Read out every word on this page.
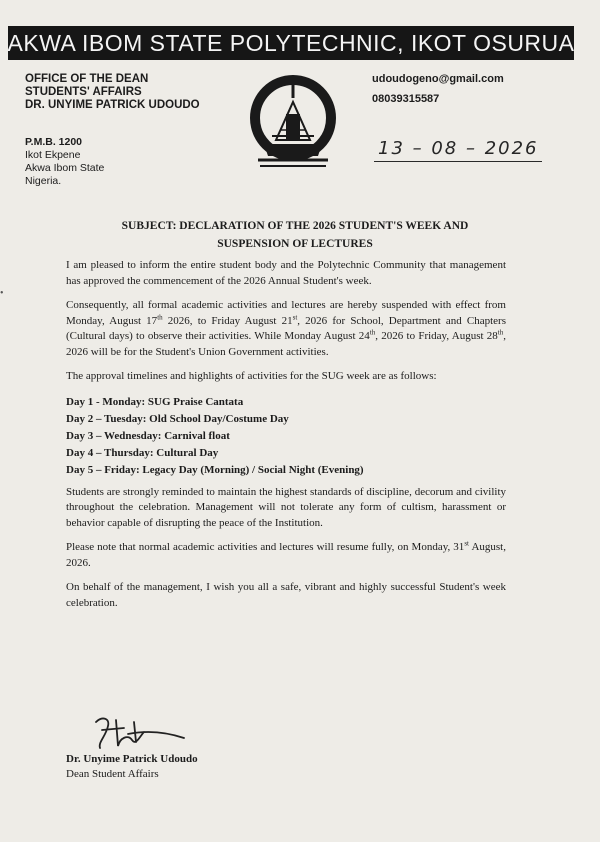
AKWA IBOM STATE POLYTECHNIC, IKOT OSURUA
OFFICE OF THE DEAN
STUDENTS' AFFAIRS
DR. UNYIME PATRICK UDOUDO
P.M.B. 1200
Ikot Ekpene
Akwa Ibom State
Nigeria.
udoudogeno@gmail.com
08039315587
13 – 08 – 2026
•
SUBJECT: DECLARATION OF THE 2026 STUDENT'S WEEK AND
SUSPENSION OF LECTURES

I am pleased to inform the entire student body and the Polytechnic Community that management has approved the commencement of the 2026 Annual Student's week.

Consequently, all formal academic activities and lectures are hereby suspended with effect from Monday, August 17th 2026, to Friday August 21st, 2026 for School, Department and Chapters (Cultural days) to observe their activities. While Monday August 24th, 2026 to Friday, August 28th, 2026 will be for the Student's Union Government activities.

The approval timelines and highlights of activities for the SUG week are as follows:

Day 1 - Monday: SUG Praise Cantata
Day 2 – Tuesday: Old School Day/Costume Day
Day 3 – Wednesday: Carnival float
Day 4 – Thursday: Cultural Day
Day 5 – Friday: Legacy Day (Morning) / Social Night (Evening)

Students are strongly reminded to maintain the highest standards of discipline, decorum and civility throughout the celebration. Management will not tolerate any form of cultism, harassment or behavior capable of disrupting the peace of the Institution.

Please note that normal academic activities and lectures will resume fully, on Monday, 31st August, 2026.

On behalf of the management, I wish you all a safe, vibrant and highly successful Student's week celebration.

Dr. Unyime Patrick Udoudo
Dean Student Affairs
